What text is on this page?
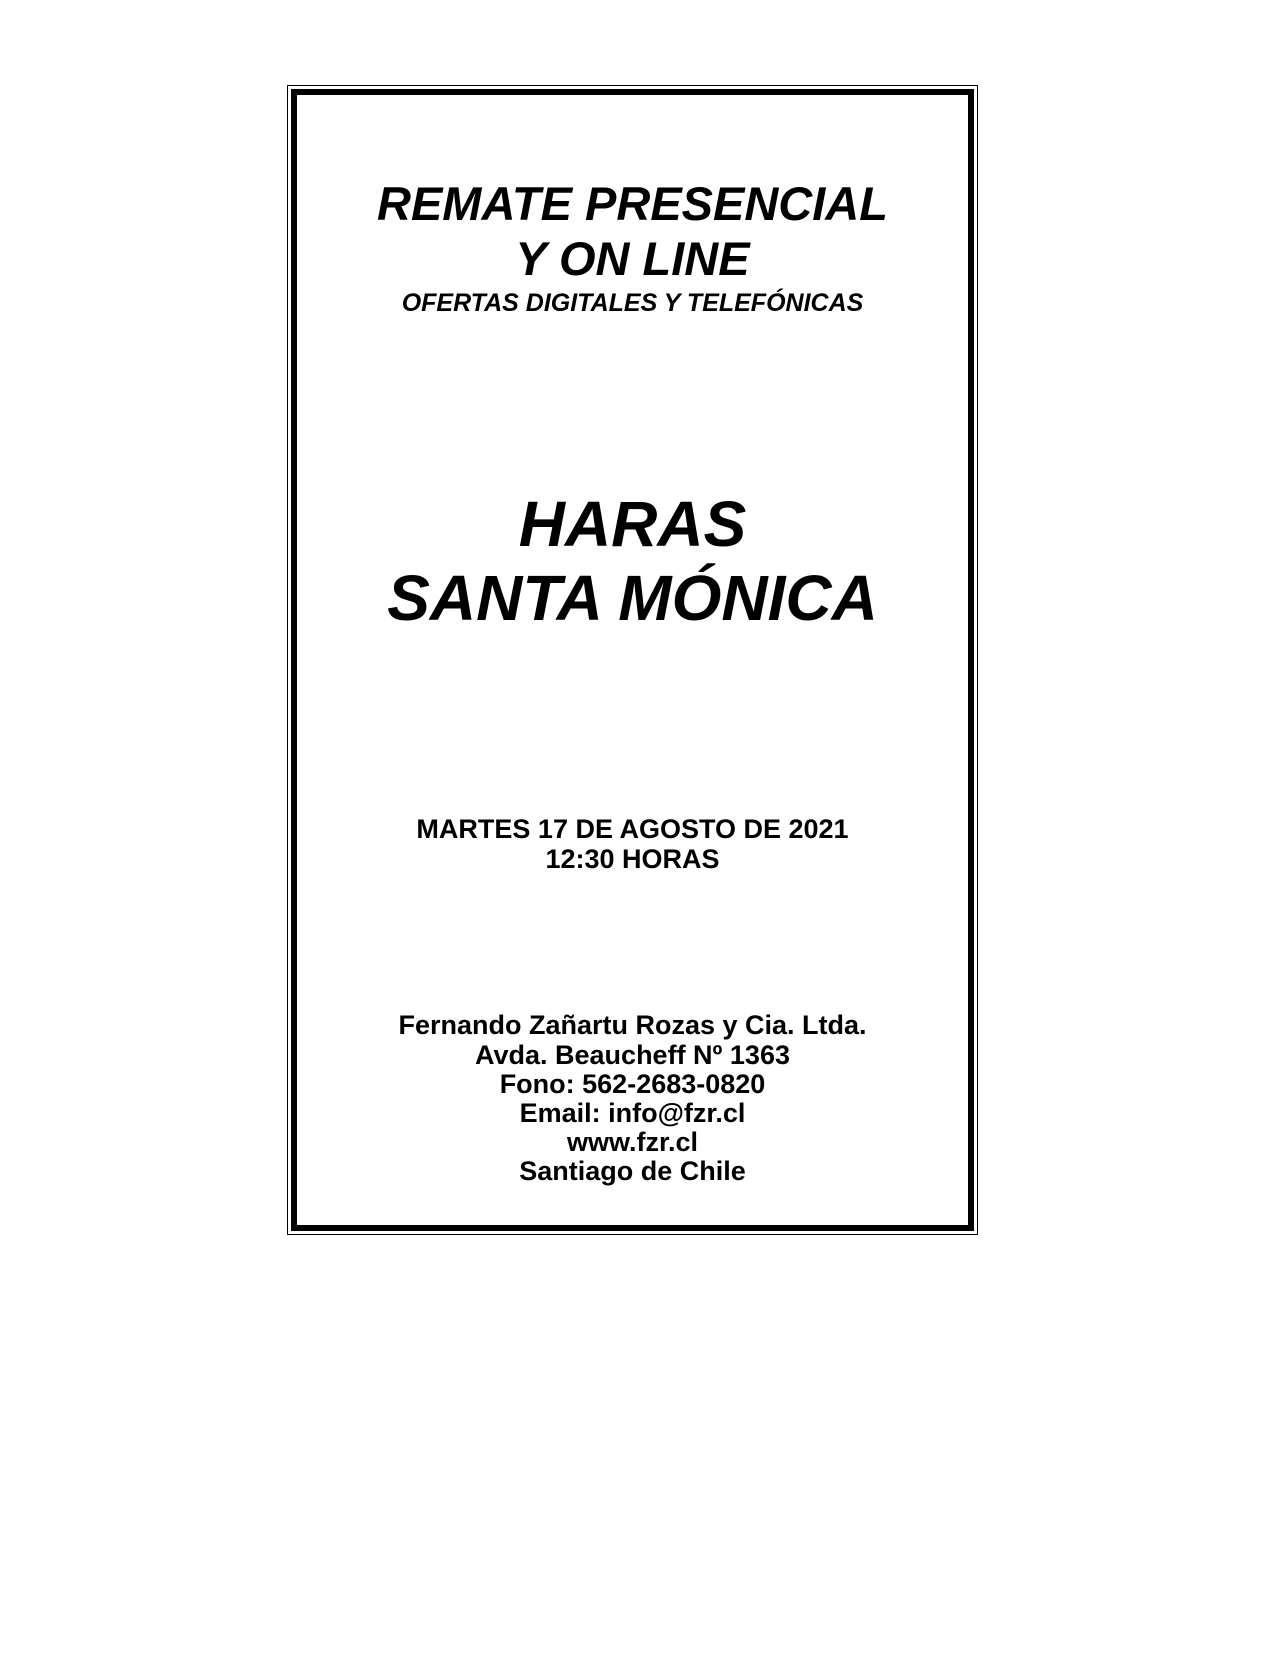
REMATE PRESENCIAL
Y ON LINE

OFERTAS DIGITALES Y TELEFÓNICAS

HARAS
SANTA MÓNICA

MARTES 17 DE AGOSTO DE 2021

12:30 HORAS

Fernando Zañartu Rozas y Cia. Ltda.

Avda. Beaucheff Nº 1363

Fono: 562-2683-0820

Email: info@fzr.cl

www.fzr.cl

Santiago de Chile
